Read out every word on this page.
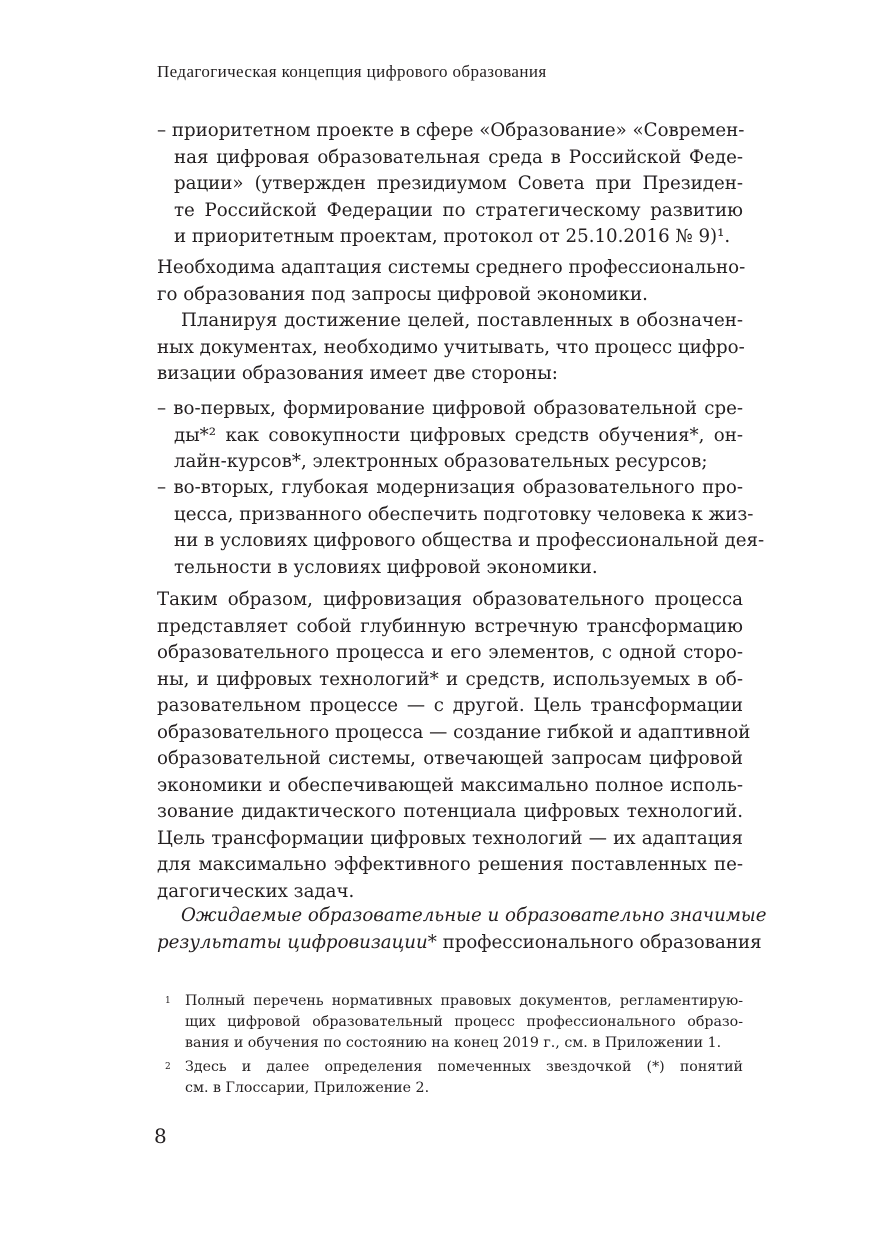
Педагогическая концепция цифрового образования
– приоритетном проекте в сфере «Образование» «Современ-
ная цифровая образовательная среда в Российской Феде-
рации» (утвержден президиумом Совета при Президен-
те Российской Федерации по стратегическому развитию
и приоритетным проектам, протокол от 25.10.2016 № 9)¹.
Необходима адаптация системы среднего профессионально-
го образования под запросы цифровой экономики.
Планируя достижение целей, поставленных в обозначен-
ных документах, необходимо учитывать, что процесс цифро-
визации образования имеет две стороны:
– во-первых, формирование цифровой образовательной сре-
ды*² как совокупности цифровых средств обучения*, он-
лайн-курсов*, электронных образовательных ресурсов;
– во-вторых, глубокая модернизация образовательного про-
цесса, призванного обеспечить подготовку человека к жиз-
ни в условиях цифрового общества и профессиональной дея-
тельности в условиях цифровой экономики.
Таким образом, цифровизация образовательного процесса
представляет собой глубинную встречную трансформацию
образовательного процесса и его элементов, с одной сторо-
ны, и цифровых технологий* и средств, используемых в об-
разовательном процессе — с другой. Цель трансформации
образовательного процесса — создание гибкой и адаптивной
образовательной системы, отвечающей запросам цифровой
экономики и обеспечивающей максимально полное исполь-
зование дидактического потенциала цифровых технологий.
Цель трансформации цифровых технологий — их адаптация
для максимально эффективного решения поставленных пе-
дагогических задач.
Ожидаемые образовательные и образовательно значимые
результаты цифровизации* профессионального образования
1 Полный перечень нормативных правовых документов, регламентирую-
щих цифровой образовательный процесс профессионального образо-
вания и обучения по состоянию на конец 2019 г., см. в Приложении 1.
2 Здесь и далее определения помеченных звездочкой (*) понятий
см. в Глоссарии, Приложение 2.
8
